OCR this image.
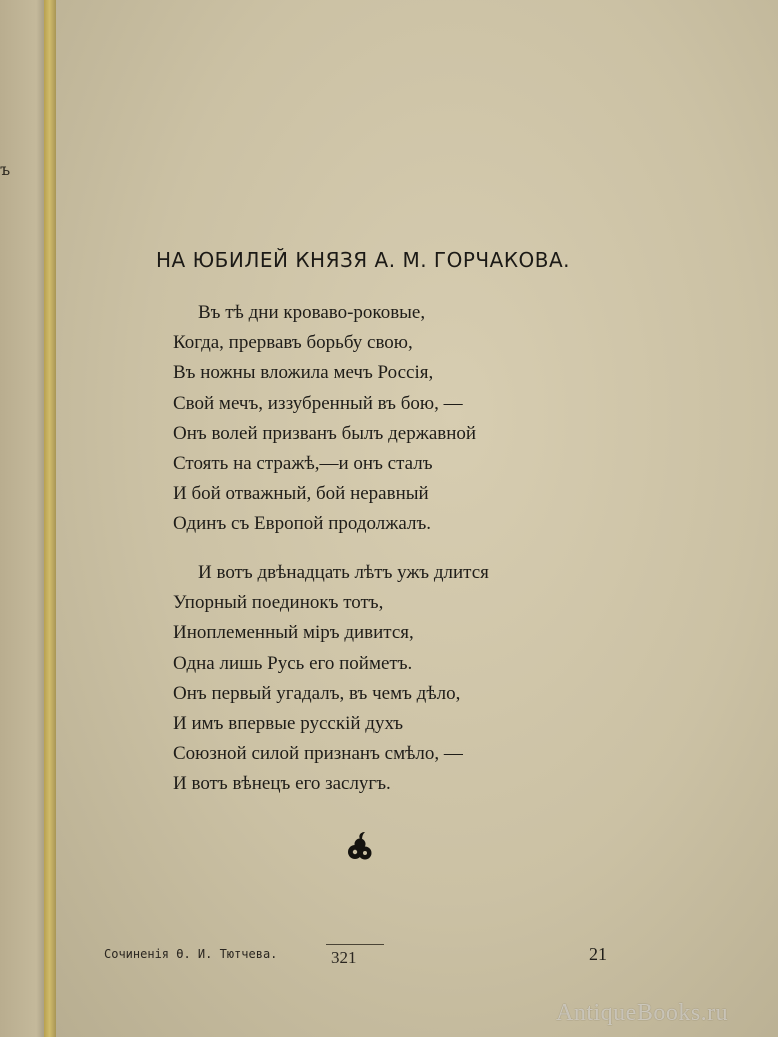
ъ
НА ЮБИЛЕЙ КНЯЗЯ А. М. ГОРЧАКОВА.
Въ тѣ дни кроваво-роковые,
Когда, прервавъ борьбу свою,
Въ ножны вложила мечъ Россія,
Свой мечъ, иззубренный въ бою, —
Онъ волей призванъ былъ державной
Стоять на стражѣ,—и онъ сталъ
И бой отважный, бой неравный
Одинъ съ Европой продолжалъ.
И вотъ двѣнадцать лѣтъ ужъ длится
Упорный поединокъ тотъ,
Иноплеменный міръ дивится,
Одна лишь Русь его пойметъ.
Онъ первый угадалъ, въ чемъ дѣло,
И имъ впервые русскій духъ
Союзной силой признанъ смѣло, —
И вотъ вѣнецъ его заслугъ.
Сочиненія Ө. И. Тютчева.	321	21
AntiqueBooks.ru
